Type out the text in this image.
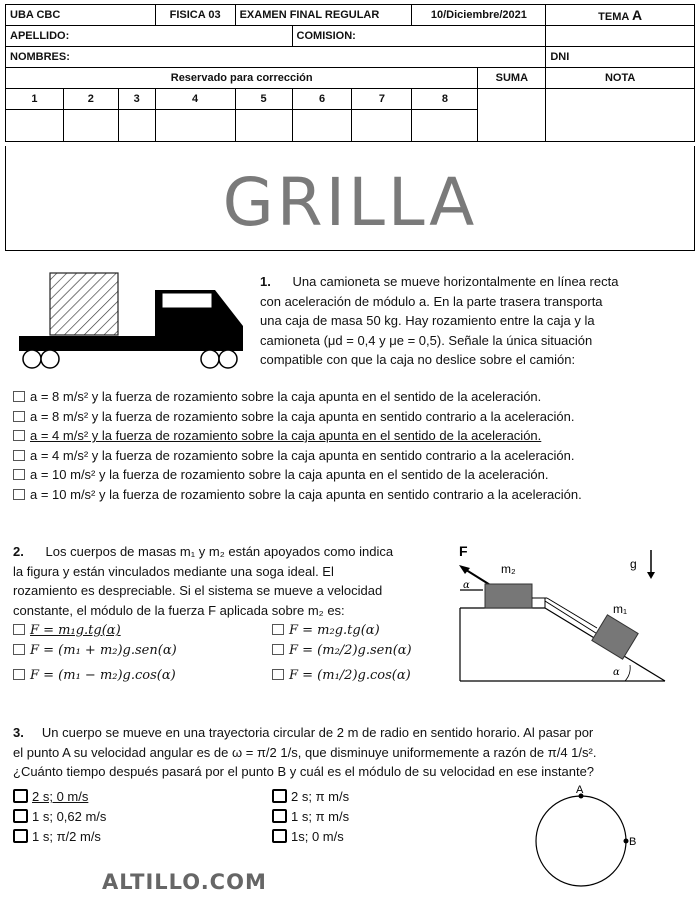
UBA CBC			FISICA 03	EXAMEN FINAL REGULAR			10/Diciembre/2021		TEMA A
APELLIDO:					COMISION:				
NOMBRES:									DNI
Reservado para corrección								SUMA	NOTA
1	2	3	4	5	6	7	8		

GRILLA
1. Una camioneta se mueve horizontalmente en línea recta
con aceleración de módulo a. En la parte trasera transporta
una caja de masa 50 kg. Hay rozamiento entre la caja y la
camioneta (μd = 0,4 y μe = 0,5). Señale la única situación
compatible con que la caja no deslice sobre el camión:
a = 8 m/s² y la fuerza de rozamiento sobre la caja apunta en el sentido de la aceleración.
a = 8 m/s² y la fuerza de rozamiento sobre la caja apunta en sentido contrario a la aceleración.
a = 4 m/s² y la fuerza de rozamiento sobre la caja apunta en el sentido de la aceleración.
a = 4 m/s² y la fuerza de rozamiento sobre la caja apunta en sentido contrario a la aceleración.
a = 10 m/s² y la fuerza de rozamiento sobre la caja apunta en el sentido de la aceleración.
a = 10 m/s² y la fuerza de rozamiento sobre la caja apunta en sentido contrario a la aceleración.
2. Los cuerpos de masas m₁ y m₂ están apoyados como indica
la figura y están vinculados mediante una soga ideal. El
rozamiento es despreciable. Si el sistema se mueve a velocidad
constante, el módulo de la fuerza F aplicada sobre m₂ es:
F = m₁g.tg(α)	F = m₂g.tg(α)
F = (m₁ + m₂)g.sen(α)	F = (m₂/2)g.sen(α)
F = (m₁ − m₂)g.cos(α)	F = (m₁/2)g.cos(α)
F
g
α
m₂
m₁
α
3. Un cuerpo se mueve en una trayectoria circular de 2 m de radio en sentido horario. Al pasar por
el punto A su velocidad angular es de ω = π/2 1/s, que disminuye uniformemente a razón de π/4 1/s².
¿Cuánto tiempo después pasará por el punto B y cuál es el módulo de su velocidad en ese instante?
2 s; 0 m/s	2 s; π m/s
1 s; 0,62 m/s	1 s; π m/s
1 s; π/2 m/s	1s; 0 m/s
A
B
ALTILLO.COM
